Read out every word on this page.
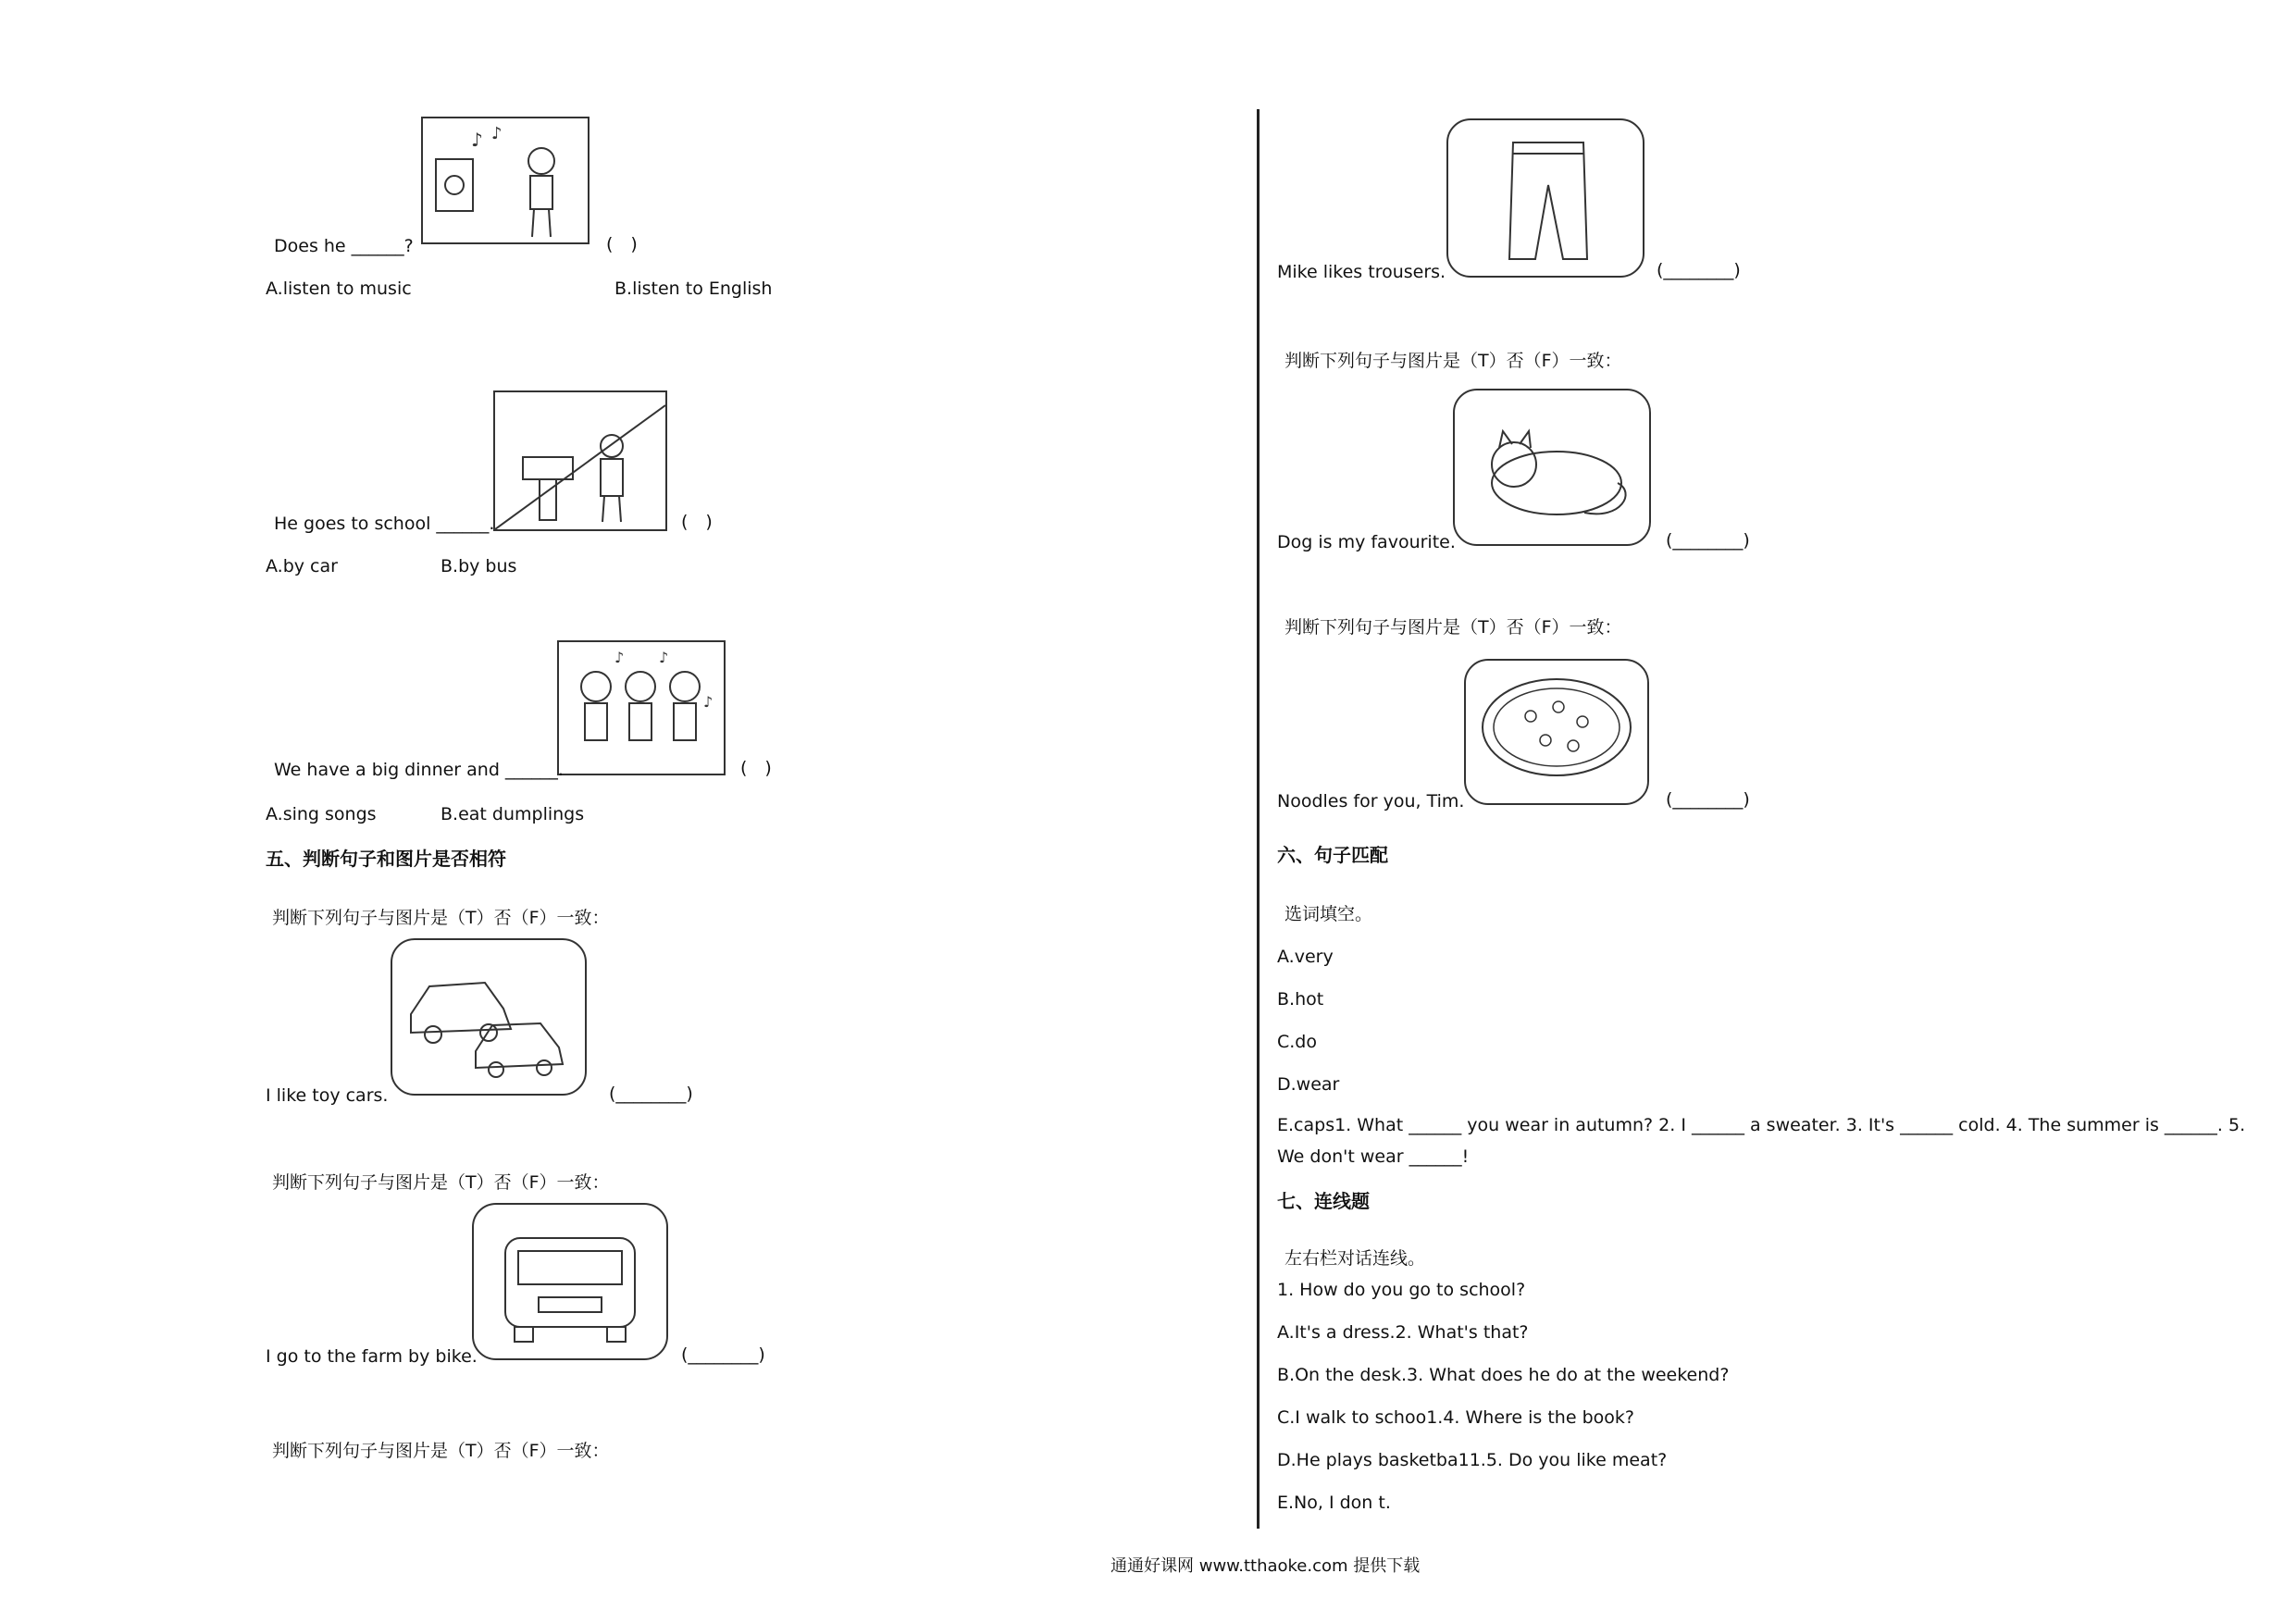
♪ ♪
Does he ______?	(　)
A.listen to music	B.listen to English
He goes to school ______.	(　)
A.by car	B.by bus
♪ ♪
♪
We have a big dinner and ______.	(　)
A.sing songs	B.eat dumplings
五、判断句子和图片是否相符
判断下列句子与图片是（T）否（F）一致：
I like toy cars.	(________)
判断下列句子与图片是（T）否（F）一致：
I go to the farm by bike.	(________)
判断下列句子与图片是（T）否（F）一致：
Mike likes trousers.	(________)
判断下列句子与图片是（T）否（F）一致：
Dog is my favourite.	(________)
判断下列句子与图片是（T）否（F）一致：
Noodles for you, Tim.	(________)
六、句子匹配
选词填空。
A.very
B.hot
C.do
D.wear
E.caps1. What ______ you wear in autumn? 2. I ______ a sweater. 3. It's ______ cold. 4. The summer is ______. 5.
We don't wear ______!
七、连线题
左右栏对话连线。
1. How do you go to school?
A.It's a dress.2. What's that?
B.On the desk.3. What does he do at the weekend?
C.I walk to schoo1.4. Where is the book?
D.He plays basketba11.5. Do you like meat?
E.No, I don t.
通通好课网 www.tthaoke.com 提供下载
